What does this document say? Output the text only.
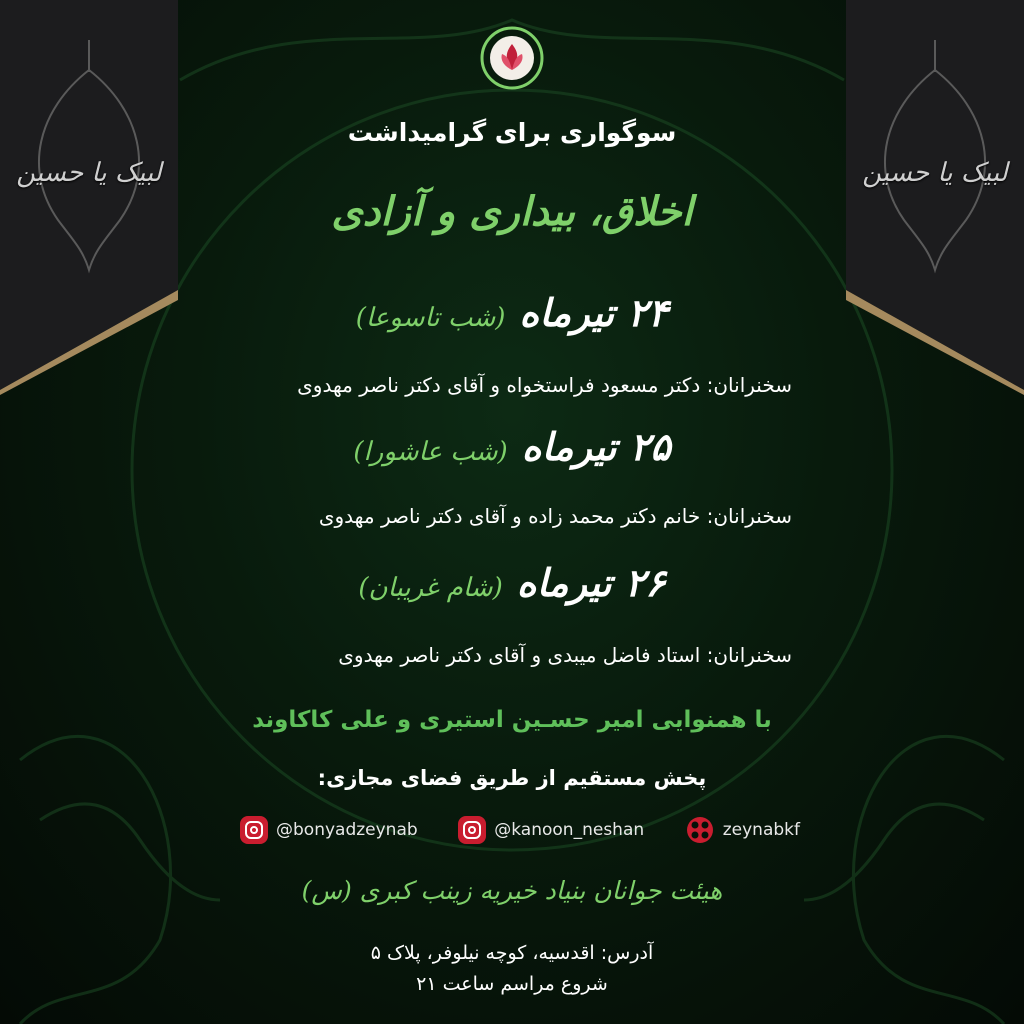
لبیک یا حسین	لبیک یا حسین
سوگواری برای گرامیداشت
اخلاق، بیداری و آزادی
۲۴ تیرماه
(شب تاسوعا)
سخنرانان: دکتر مسعود فراستخواه و آقای دکتر ناصر مهدوی
۲۵ تیرماه
(شب عاشورا)
سخنرانان: خانم دکتر محمد زاده و آقای دکتر ناصر مهدوی
۲۶ تیرماه
(شام غریبان)
سخنرانان: استاد فاضل میبدی و آقای دکتر ناصر مهدوی
با همنوایی امیر حسـین استیری و علی کاکاوند
پخش مستقیم از طریق فضای مجازی:
@bonyadzeynab	@kanoon_neshan	zeynabkf
هیئت جوانان بنیاد خیریه زینب کبری (س)
آدرس: اقدسیه، کوچه نیلوفر، پلاک ۵
شروع مراسم ساعت ۲۱
